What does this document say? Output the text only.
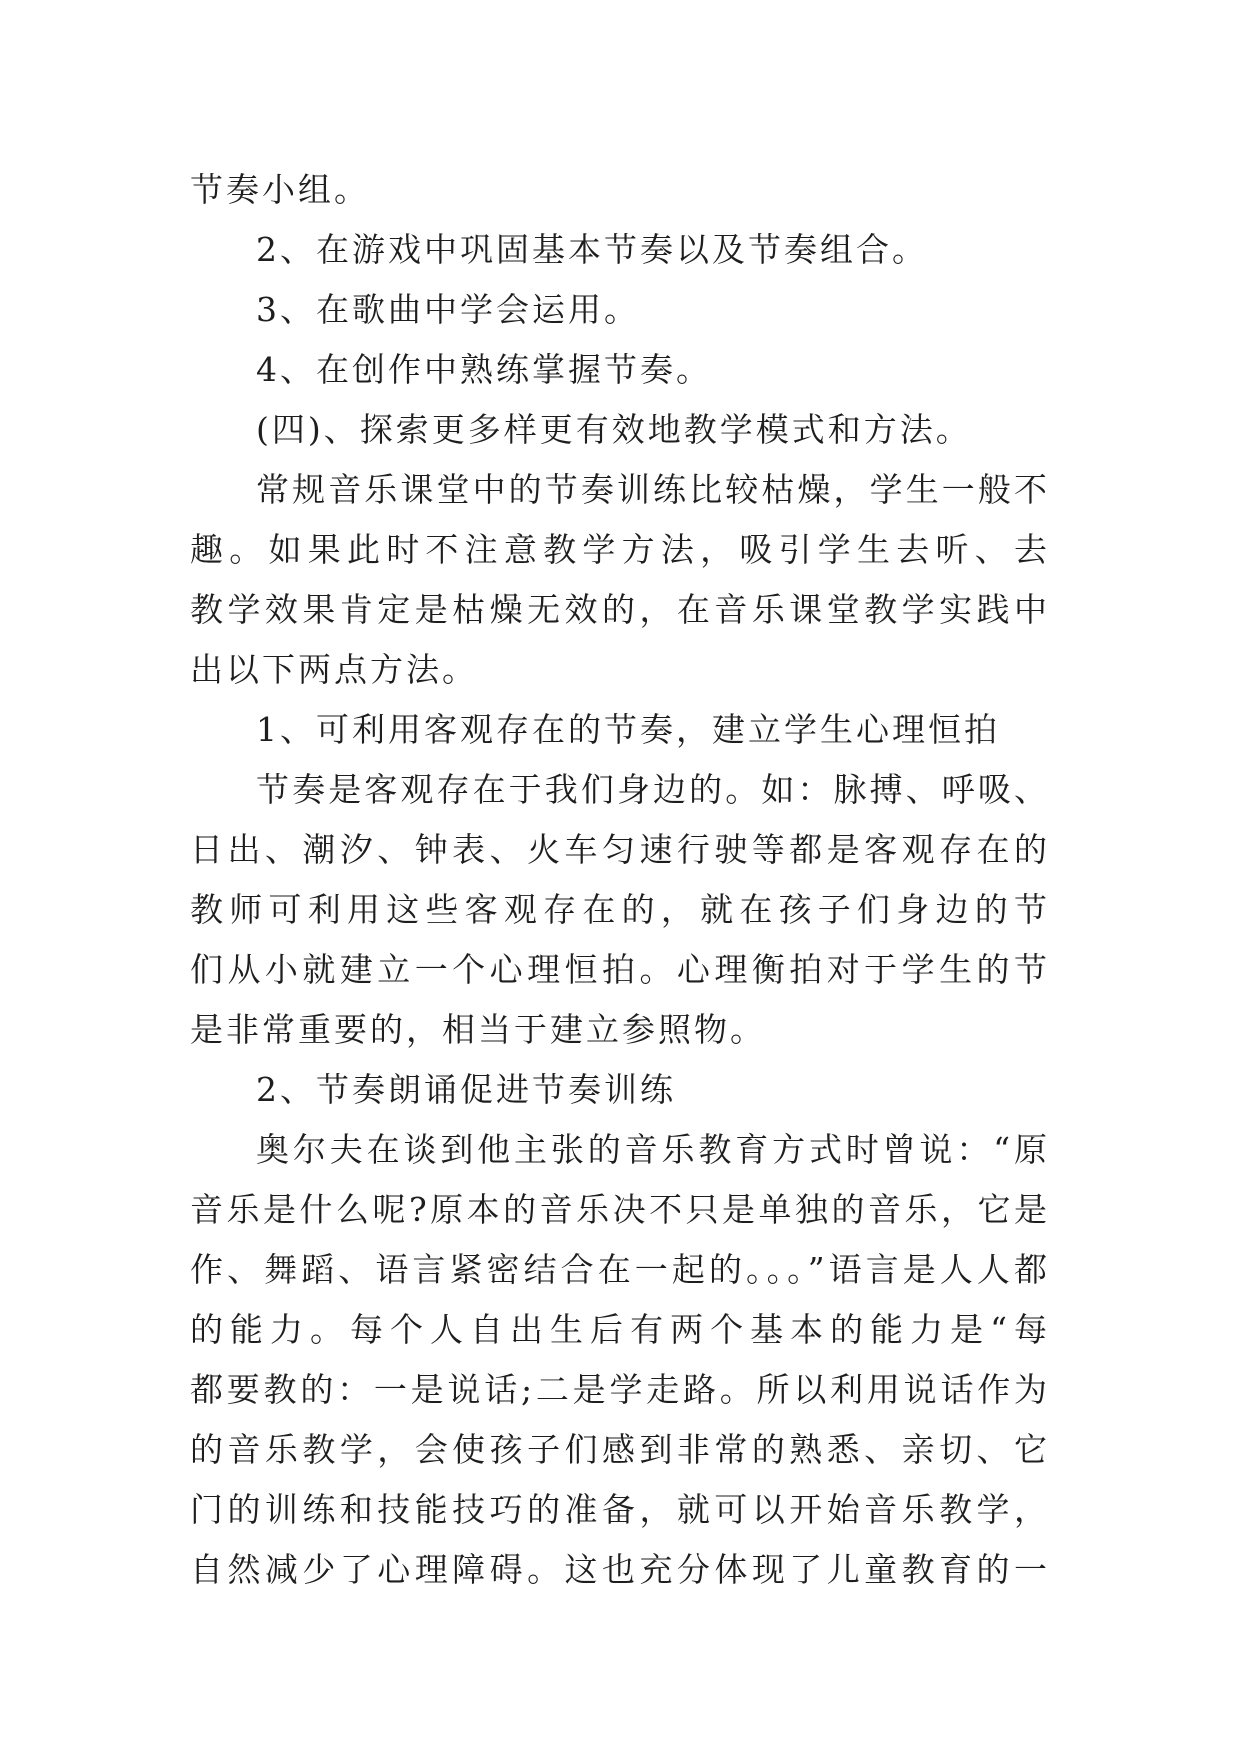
节奏小组。
2、在游戏中巩固基本节奏以及节奏组合。
3、在歌曲中学会运用。
4、在创作中熟练掌握节奏。
(四)、探索更多样更有效地教学模式和方法。
常规音乐课堂中的节奏训练比较枯燥，学生一般不
趣。如果此时不注意教学方法，吸引学生去听、去
教学效果肯定是枯燥无效的，在音乐课堂教学实践中
出以下两点方法。
1、可利用客观存在的节奏，建立学生心理恒拍
节奏是客观存在于我们身边的。如：脉搏、呼吸、
日出、潮汐、钟表、火车匀速行驶等都是客观存在的
教师可利用这些客观存在的，就在孩子们身边的节
们从小就建立一个心理恒拍。心理衡拍对于学生的节
是非常重要的，相当于建立参照物。
2、节奏朗诵促进节奏训练
奥尔夫在谈到他主张的音乐教育方式时曾说：“原
音乐是什么呢?原本的音乐决不只是单独的音乐，它是
作、舞蹈、语言紧密结合在一起的。。。”语言是人人都
的能力。每个人自出生后有两个基本的能力是“每
都要教的：一是说话;二是学走路。所以利用说话作为
的音乐教学，会使孩子们感到非常的熟悉、亲切、它
门的训练和技能技巧的准备，就可以开始音乐教学，
自然减少了心理障碍。这也充分体现了儿童教育的一
